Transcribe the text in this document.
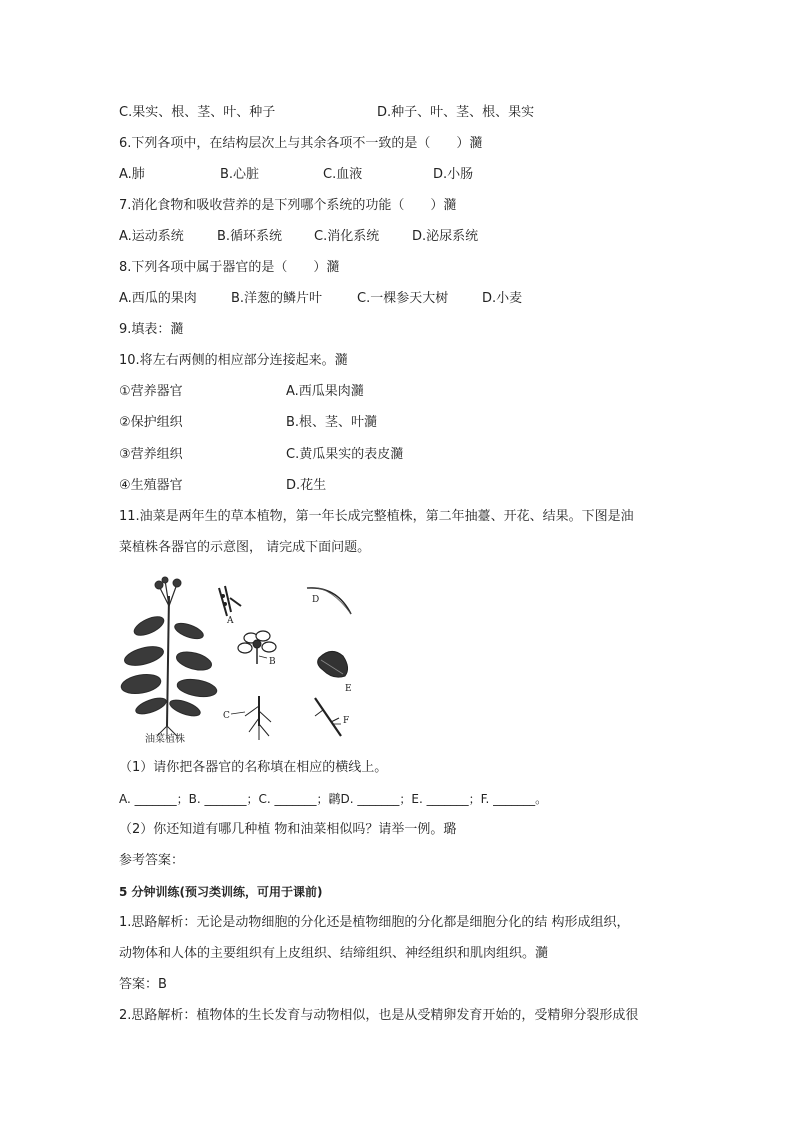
C.果实、根、茎、叶、种子	D.种子、叶、茎、根、果实
6.下列各项中，在结构层次上与其余各项不一致的是（　　）瀡
A.肺	B.心脏	C.血液	D.小肠
7.消化食物和吸收营养的是下列哪个系统的功能（　　）瀡
A.运动系统	B.循环系统 C.消化系统	D.泌尿系统
8.下列各项中属于器官的是（　　）瀡
A.西瓜的果肉	B.洋葱的鳞片叶	C.一棵参天大树	D.小麦
9.填表：瀡
10.将左右两侧的相应部分连接起来。瀡
①营养器官	A.西瓜果肉瀡
②保护组织	B.根、茎、叶瀡
③营养组织	C.黄瓜果实的表皮瀡
④生殖器官	D.花生
11.油菜是两年生的草本植物，第一年长成完整植株，第二年抽薹、开花、结果。下图是油
菜植株各器官的示意图， 请完成下面问题。
油菜植株
A
D
B
E
C	F
（1）请你把各器官的名称填在相应的横线上。
A. _______；B. _______；C. _______；䴙D. _______；E. _______；F. _______。
（2）你还知道有哪几种植 物和油菜相似吗？请举一例。璐
参考答案：
5 分钟训练(预习类训练，可用于课前)
1.思路解析：无论是动物细胞的分化还是植物细胞的分化都是细胞分化的结 构形成组织，
动物体和人体的主要组织有上皮组织、结缔组织、神经组织和肌肉组织。瀡
答案：B
2.思路解析：植物体的生长发育与动物相似，也是从受精卵发育开始的，受精卵分裂形成很
